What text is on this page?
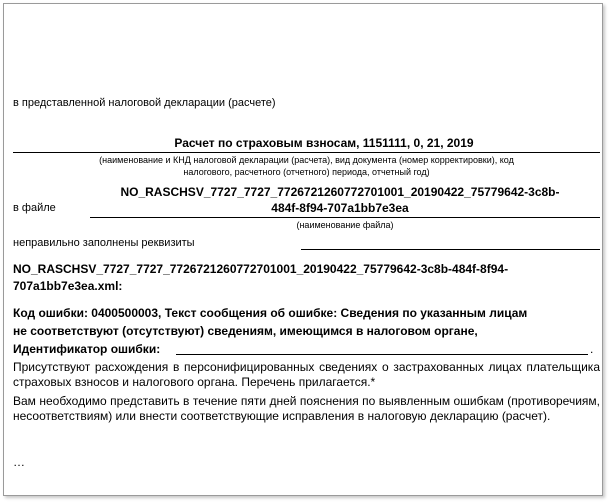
в представленной налоговой декларации (расчете)
Расчет по страховым взносам, 1151111, 0, 21, 2019
(наименование и КНД налоговой декларации (расчета), вид документа (номер корректировки), код
налогового, расчетного (отчетного) периода, отчетный год)
в файле
NO_RASCHSV_7727_7727_7726721260772701001_20190422_75779642-3c8b-
484f-8f94-707a1bb7e3ea
(наименование файла)
неправильно заполнены реквизиты
NO_RASCHSV_7727_7727_7726721260772701001_20190422_75779642-3c8b-484f-8f94-
707a1bb7e3ea.xml:
Код ошибки: 0400500003, Текст сообщения об ошибке: Сведения по указанным лицам
не соответствуют (отсутствуют) сведениям, имеющимся в налоговом органе,
Идентификатор ошибки:	.
Присутствуют расхождения в персонифицированных сведениях о застрахованных лицах плательщика страховых взносов и налогового органа. Перечень прилагается.*
Вам необходимо представить в течение пяти дней пояснения по выявленным ошибкам (противоречиям, несоответствиям) или внести соответствующие исправления в налоговую декларацию (расчет).
…
